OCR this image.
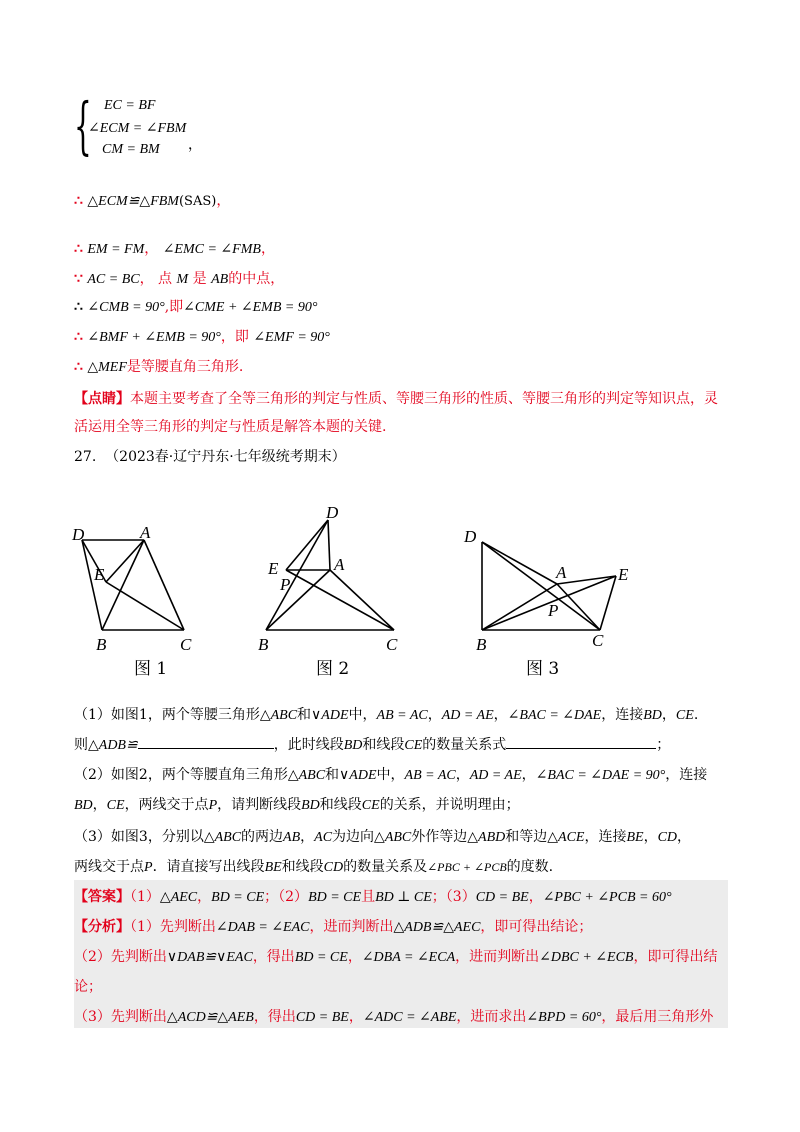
{ EC = BF
∠ECM = ∠FBM
CM = BM ，
∴ △ECM≌△FBM(SAS)，
∴ EM = FM， ∠EMC = ∠FMB，
∵ AC = BC， 点 M 是 AB的中点，
∴ ∠CMB = 90°,即∠CME + ∠EMB = 90°
∴ ∠BMF + ∠EMB = 90°，即 ∠EMF = 90°
∴ △MEF是等腰直角三角形.
【点睛】本题主要考查了全等三角形的判定与性质、等腰三角形的性质、等腰三角形的判定等知识点，灵
活运用全等三角形的判定与性质是解答本题的关键.
27. （2023春·辽宁丹东·七年级统考期末）
D	A
E
B	C
D
E
P
A
B	C
D
A	E
P
B	C
图 1	图 2	图 3
（1）如图1，两个等腰三角形△ABC和∨ADE中，AB = AC，AD = AE，∠BAC = ∠DAE，连接BD，CE.
则△ADB≌	，此时线段BD和线段CE的数量关系式	；
（2）如图2，两个等腰直角三角形△ABC和∨ADE中，AB = AC，AD = AE，∠BAC = ∠DAE = 90°，连接
BD，CE，两线交于点P，请判断线段BD和线段CE的关系，并说明理由；
（3）如图3，分别以△ABC的两边AB，AC为边向△ABC外作等边△ABD和等边△ACE，连接BE，CD，
两线交于点P．请直接写出线段BE和线段CD的数量关系及∠PBC + ∠PCB的度数.
【答案】（1）△AEC，BD = CE；（2）BD = CE且BD ⊥ CE；（3）CD = BE，∠PBC + ∠PCB = 60°
【分析】（1）先判断出∠DAB = ∠EAC，进而判断出△ADB≌△AEC，即可得出结论；
（2）先判断出∨DAB≌∨EAC，得出BD = CE，∠DBA = ∠ECA，进而判断出∠DBC + ∠ECB，即可得出结
论；
（3）先判断出△ACD≌△AEB，得出CD = BE，∠ADC = ∠ABE，进而求出∠BPD = 60°，最后用三角形外
